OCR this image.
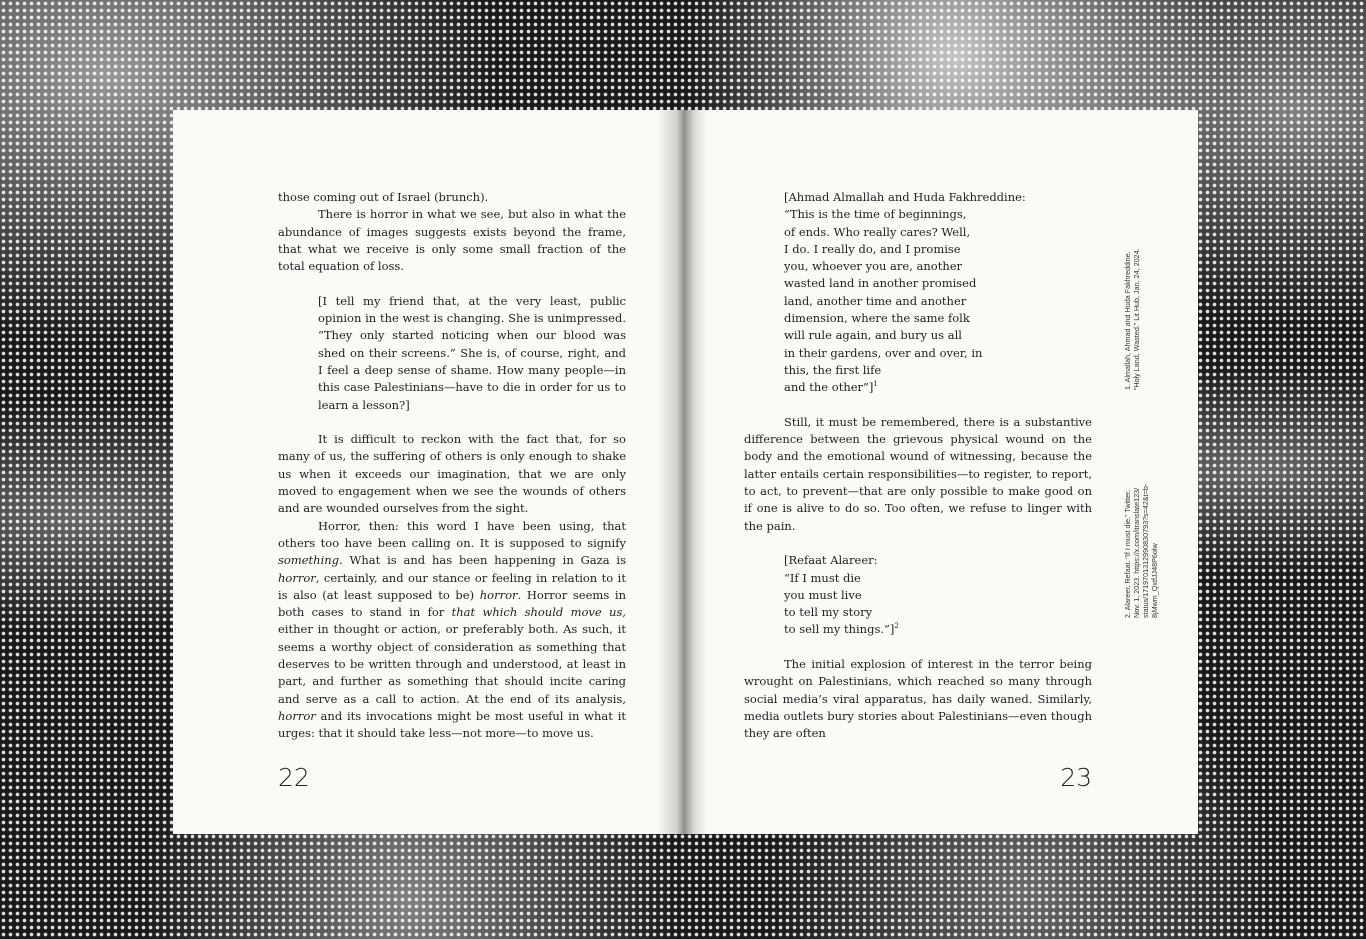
those coming out of Israel (brunch).

There is horror in what we see, but also in what the abundance of images suggests exists beyond the frame, that what we receive is only some small fraction of the total equation of loss.

[I tell my friend that, at the very least, public opinion in the west is changing. She is unimpressed. “They only started noticing when our blood was shed on their screens.” She is, of course, right, and I feel a deep sense of shame. How many people—in this case Palestinians—have to die in order for us to learn a lesson?]

It is difficult to reckon with the fact that, for so many of us, the suffering of others is only enough to shake us when it exceeds our imagination, that we are only moved to engagement when we see the wounds of others and are wounded ourselves from the sight.

Horror, then: this word I have been using, that others too have been calling on. It is supposed to signify something. What is and has been happening in Gaza is horror, certainly, and our stance or feeling in relation to it is also (at least supposed to be) horror. Horror seems in both cases to stand in for that which should move us, either in thought or action, or preferably both. As such, it seems a worthy object of consideration as something that deserves to be written through and understood, at least in part, and further as something that should incite caring and serve as a call to action. At the end of its analysis, horror and its invocations might be most useful in what it urges: that it should take less—not more—to move us.

22
[Ahmad Almallah and Huda Fakhreddine:
“This is the time of beginnings,
of ends. Who really cares? Well,
I do. I really do, and I promise
you, whoever you are, another
wasted land in another promised
land, another time and another
dimension, where the same folk
will rule again, and bury us all
in their gardens, over and over, in
this, the first life
and the other”]$^1$

Still, it must be remembered, there is a substantive difference between the grievous physical wound on the body and the emotional wound of witnessing, because the latter entails certain responsibilities—to register, to report, to act, to prevent—that are only possible to make good on if one is alive to do so. Too often, we refuse to linger with the pain.

[Refaat Alareer:
“If I must die
you must live
to tell my story
to sell my things.”]$^2$

The initial explosion of interest in the terror being wrought on Palestinians, which reached so many through social media’s viral apparatus, has daily waned. Similarly, media outlets bury stories about Palestinians—even though they are often

1. Almallah, Ahmad and Huda Fakhreddine. “Holy Land, Wasted.” Lit Hub, Jan. 24, 2024.
2. Alareer, Refaat. “If I must die.” Twitter. Nov. 1, 2023. https://x.com/itranslate123/ status/1719701312990830793?s=42&t=b- 8jMwm_QxtfJJ48P6olw
23
